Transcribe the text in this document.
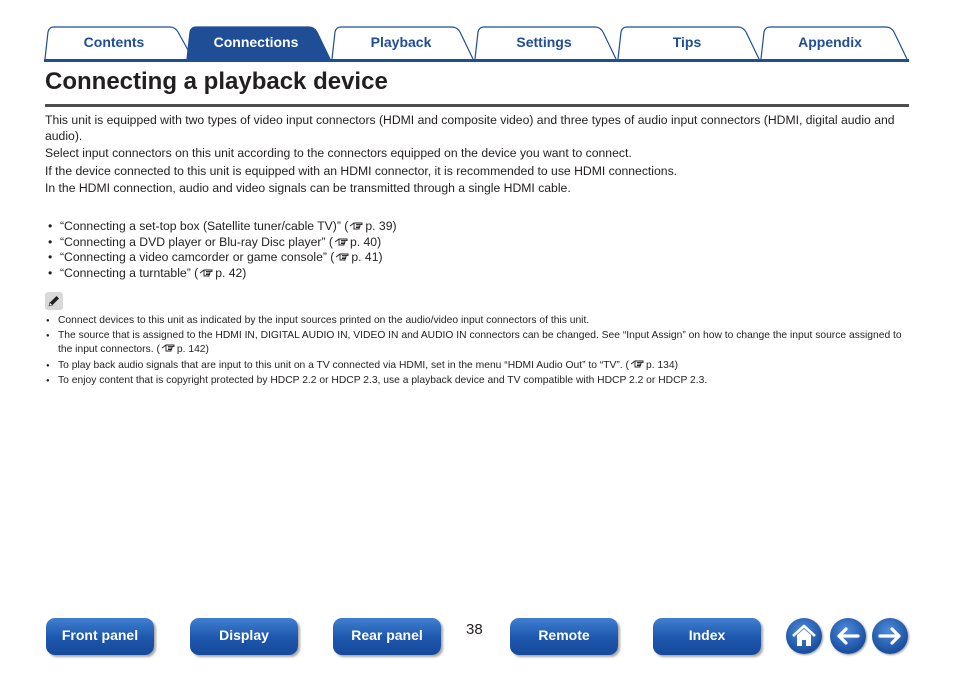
Contents	Connections	Playback	Settings	Tips	Appendix
Connecting a playback device

This unit is equipped with two types of video input connectors (HDMI and composite video) and three types of audio input connectors (HDMI, digital audio and audio).

Select input connectors on this unit according to the connectors equipped on the device you want to connect.

If the device connected to this unit is equipped with an HDMI connector, it is recommended to use HDMI connections.

In the HDMI connection, audio and video signals can be transmitted through a single HDMI cable.

• “Connecting a set-top box (Satellite tuner/cable TV)” ( p. 39)
• “Connecting a DVD player or Blu-ray Disc player” ( p. 40)
• “Connecting a video camcorder or game console” ( p. 41)
• “Connecting a turntable” ( p. 42)
● Connect devices to this unit as indicated by the input sources printed on the audio/video input connectors of this unit.
● The source that is assigned to the HDMI IN, DIGITAL AUDIO IN, VIDEO IN and AUDIO IN connectors can be changed. See “Input Assign” on how to change the input source assigned to the input connectors. ( p. 142)
● To play back audio signals that are input to this unit on a TV connected via HDMI, set in the menu “HDMI Audio Out” to “TV”. ( p. 134)
● To enjoy content that is copyright protected by HDCP 2.2 or HDCP 2.3, use a playback device and TV compatible with HDCP 2.2 or HDCP 2.3.
Front panel	Display	Rear panel	38	Remote	Index
